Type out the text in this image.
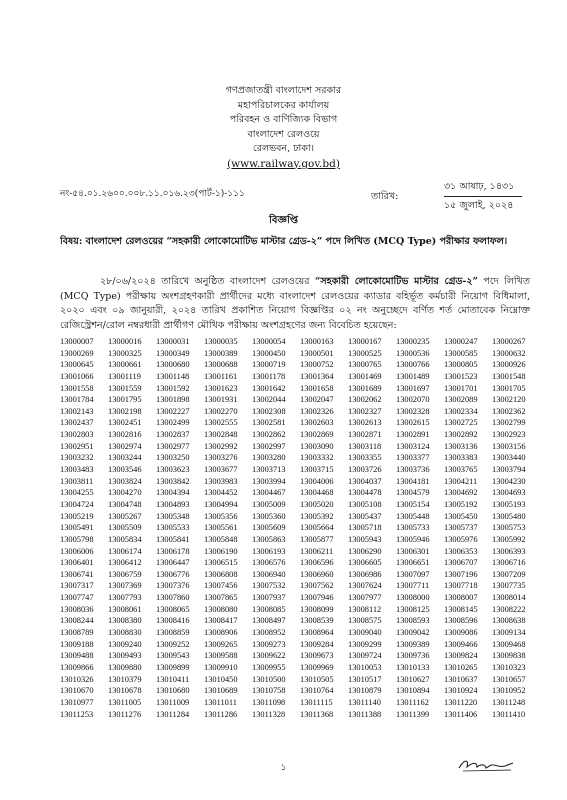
গণপ্রজাতন্ত্রী বাংলাদেশ সরকার
মহাপরিচালকের কার্যালয়
পরিবহন ও বাণিজ্যিক বিভাগ
বাংলাদেশ রেলওয়ে
রেলভবন, ঢাকা।
(www.railway.gov.bd)
নং-৫৪.০১.২৬০০.০০৮.১১.০১৬.২৩(পার্ট-১)-১১১	তারিখ:
৩১ আষাঢ়, ১৪৩১
১৫ জুলাই, ২০২৪
বিজ্ঞপ্তি
বিষয়: বাংলাদেশ রেলওয়ের “সহকারী লোকোমোটিভ মাস্টার গ্রেড-২” পদে লিখিত (MCQ Type) পরীক্ষার ফলাফল।
২৮/০৬/২০২৪ তারিখে অনুষ্ঠিত বাংলাদেশ রেলওয়ের “সহকারী লোকোমোটিভ মাস্টার গ্রেড-২” পদে লিখিত (MCQ Type) পরীক্ষায় অংশগ্রহণকারী প্রার্থীদের মধ্যে বাংলাদেশ রেলওয়ের ক্যাডার বহির্ভূত কর্মচারী নিয়োগ বিধিমালা, ২০২০ এবং ০৯ জানুয়ারী, ২০২৪ তারিখ প্রকাশিত নিয়োগ বিজ্ঞপ্তির ০২ নং অনুচ্ছেদে বর্ণিত শর্ত মোতাবেক নিম্নোক্ত রেজিস্ট্রেশন/রোল নম্বরধারী প্রার্থীগণ মৌখিক পরীক্ষায় অংশগ্রহণের জন্য বিবেচিত হয়েছেন:
13000007	13000016	13000031	13000035	13000054	13000163	13000167	13000235	13000247	13000267
13000269	13000325	13000349	13000389	13000450	13000501	13000525	13000536	13000585	13000632
13000645	13000661	13000680	13000688	13000719	13000752	13000765	13000766	13000805	13000926
13001066	13001119	13001148	13001161	13001178	13001364	13001469	13001489	13001523	13001548
13001558	13001559	13001592	13001623	13001642	13001658	13001689	13001697	13001701	13001705
13001784	13001795	13001898	13001931	13002044	13002047	13002062	13002070	13002089	13002120
13002143	13002198	13002227	13002270	13002308	13002326	13002327	13002328	13002334	13002362
13002437	13002451	13002499	13002555	13002581	13002603	13002613	13002615	13002725	13002799
13002803	13002816	13002837	13002848	13002862	13002869	13002871	13002891	13002892	13002923
13002951	13002974	13002977	13002992	13002997	13003090	13003118	13003124	13003136	13003156
13003232	13003244	13003250	13003276	13003280	13003332	13003355	13003377	13003383	13003440
13003483	13003546	13003623	13003677	13003713	13003715	13003726	13003736	13003765	13003794
13003811	13003824	13003842	13003983	13003994	13004006	13004037	13004181	13004211	13004230
13004255	13004270	13004394	13004452	13004467	13004468	13004478	13004579	13004692	13004693
13004724	13004748	13004893	13004994	13005009	13005020	13005108	13005154	13005192	13005193
13005219	13005267	13005348	13005356	13005360	13005392	13005437	13005448	13005450	13005480
13005491	13005509	13005533	13005561	13005609	13005664	13005718	13005733	13005737	13005753
13005798	13005834	13005841	13005848	13005863	13005877	13005943	13005946	13005976	13005992
13006006	13006174	13006178	13006190	13006193	13006211	13006290	13006301	13006353	13006393
13006401	13006412	13006447	13006515	13006576	13006596	13006605	13006651	13006707	13006716
13006741	13006759	13006776	13006808	13006940	13006960	13006986	13007097	13007196	13007209
13007317	13007369	13007376	13007456	13007532	13007562	13007624	13007711	13007718	13007735
13007747	13007793	13007860	13007865	13007937	13007946	13007977	13008000	13008007	13008014
13008036	13008061	13008065	13008080	13008085	13008099	13008112	13008125	13008145	13008222
13008244	13008380	13008416	13008417	13008497	13008539	13008575	13008593	13008596	13008638
13008789	13008830	13008859	13008906	13008952	13008964	13009040	13009042	13009086	13009134
13009188	13009240	13009252	13009265	13009273	13009284	13009299	13009389	13009466	13009468
13009488	13009493	13009543	13009588	13009622	13009673	13009724	13009736	13009824	13009838
13009866	13009880	13009899	13009910	13009955	13009969	13010053	13010133	13010265	13010323
13010326	13010379	13010411	13010450	13010500	13010505	13010517	13010627	13010637	13010657
13010670	13010678	13010680	13010689	13010758	13010764	13010879	13010894	13010924	13010952
13010977	13011005	13011009	13011011	13011098	13011115	13011140	13011162	13011220	13011248
13011253	13011276	13011284	13011286	13011328	13011368	13011388	13011399	13011406	13011410
১
